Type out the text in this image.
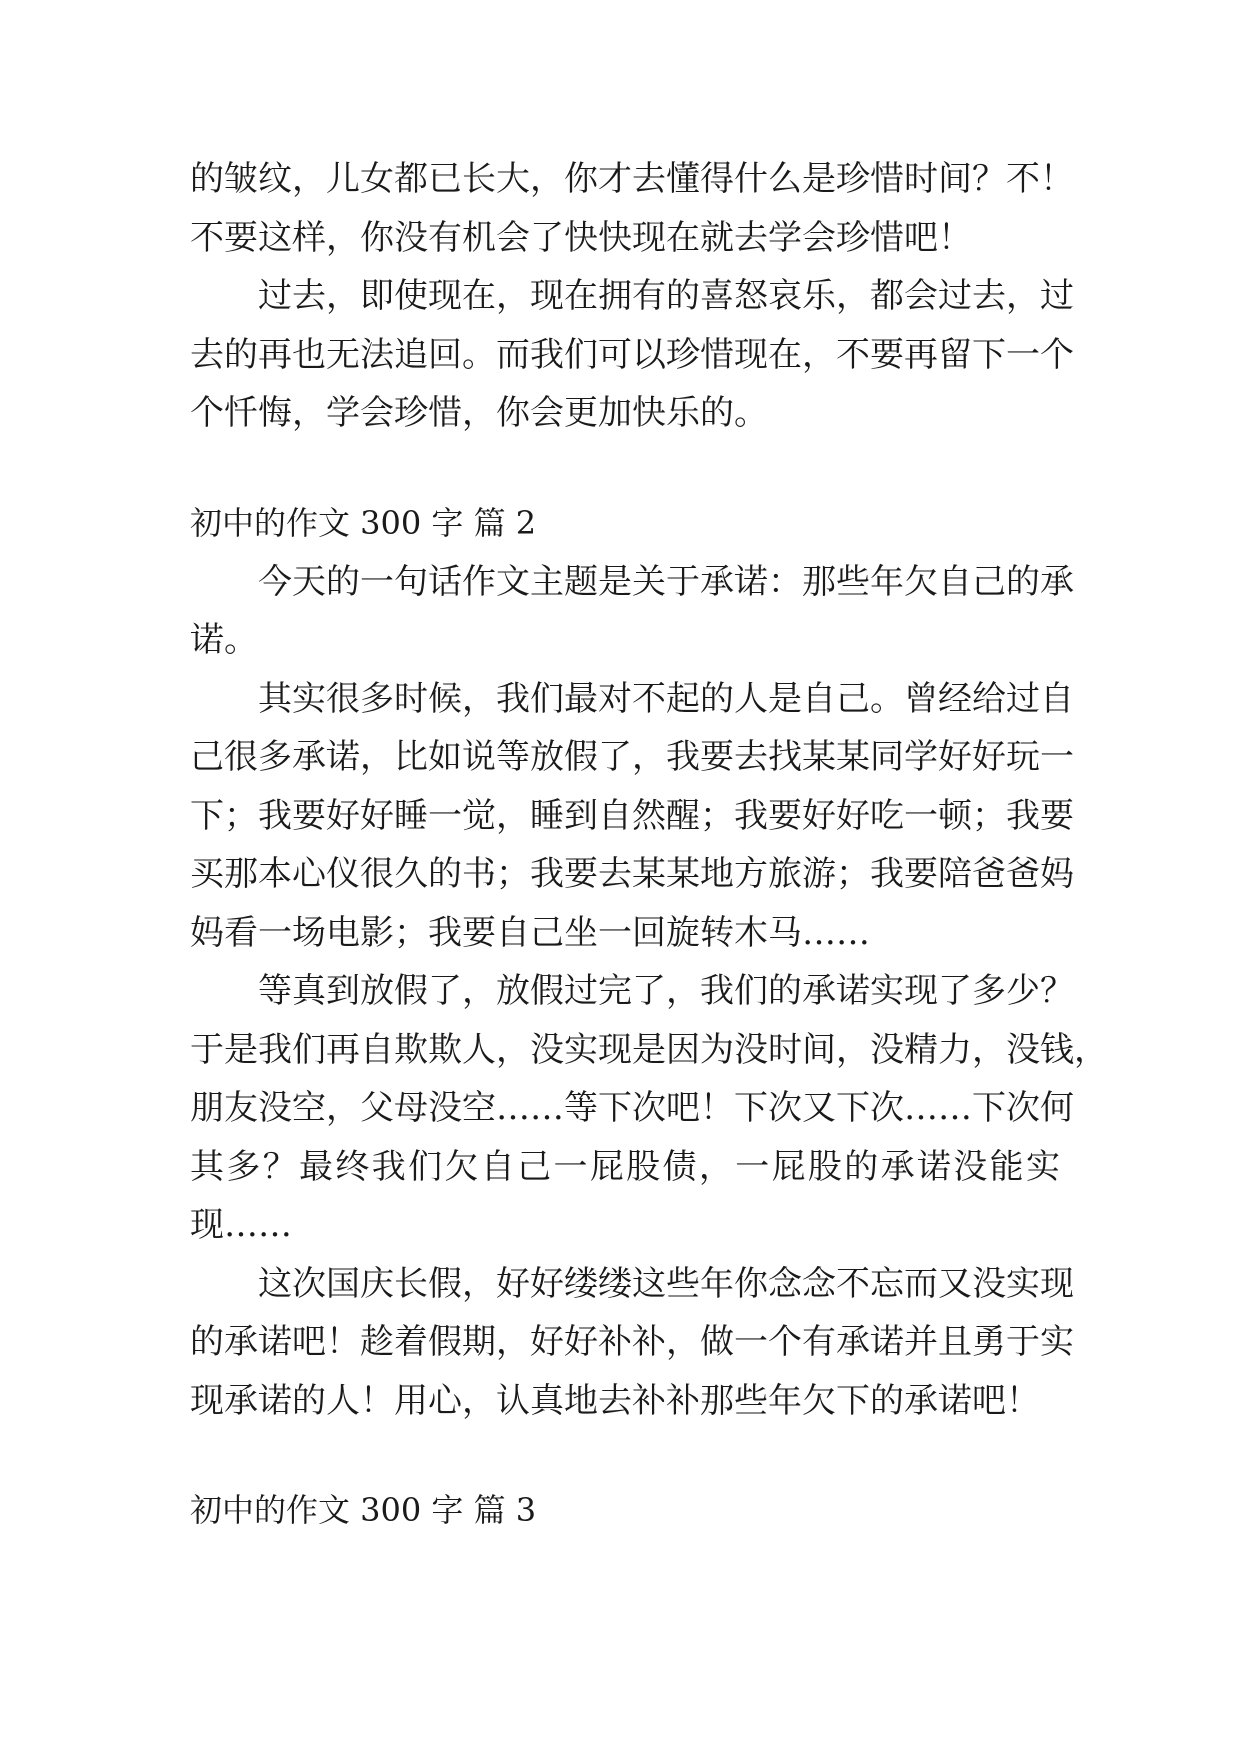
的皱纹，儿女都已长大，你才去懂得什么是珍惜时间？不！
不要这样，你没有机会了快快现在就去学会珍惜吧！
过去，即使现在，现在拥有的喜怒哀乐，都会过去，过
去的再也无法追回。而我们可以珍惜现在，不要再留下一个
个忏悔，学会珍惜，你会更加快乐的。
初中的作文 300 字 篇 2
今天的一句话作文主题是关于承诺：那些年欠自己的承
诺。
其实很多时候，我们最对不起的人是自己。曾经给过自
己很多承诺，比如说等放假了，我要去找某某同学好好玩一
下；我要好好睡一觉，睡到自然醒；我要好好吃一顿；我要
买那本心仪很久的书；我要去某某地方旅游；我要陪爸爸妈
妈看一场电影；我要自己坐一回旋转木马……
等真到放假了，放假过完了，我们的承诺实现了多少？
于是我们再自欺欺人，没实现是因为没时间，没精力，没钱，
朋友没空，父母没空……等下次吧！下次又下次……下次何
其多？最终我们欠自己一屁股债，一屁股的承诺没能实
现……
这次国庆长假，好好缕缕这些年你念念不忘而又没实现
的承诺吧！趁着假期，好好补补，做一个有承诺并且勇于实
现承诺的人！用心，认真地去补补那些年欠下的承诺吧！
初中的作文 300 字 篇 3
